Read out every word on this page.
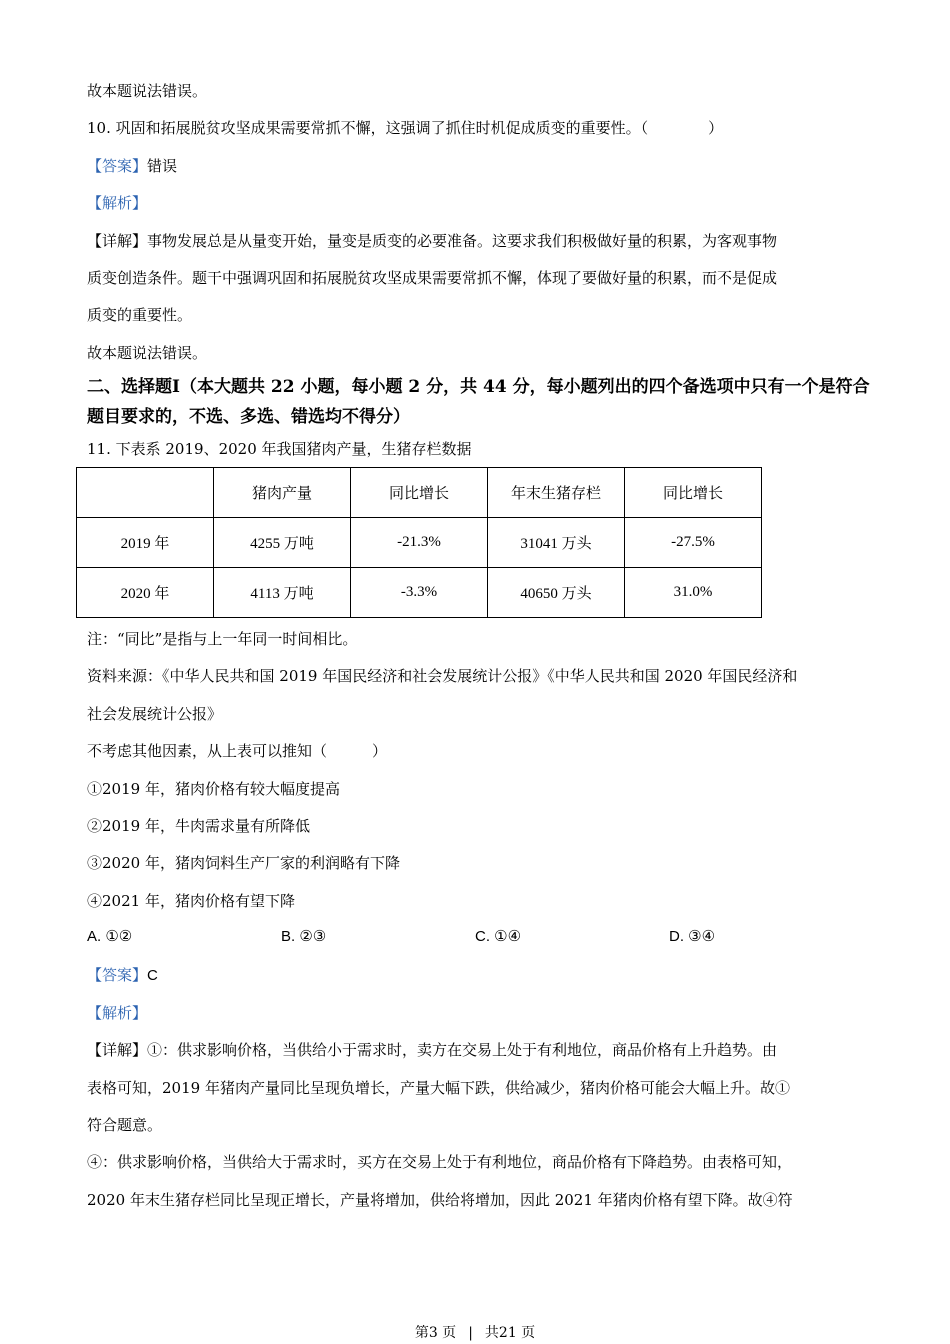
故本题说法错误。
10. 巩固和拓展脱贫攻坚成果需要常抓不懈，这强调了抓住时机促成质变的重要性。（　　　　）
【答案】错误
【解析】
【详解】事物发展总是从量变开始，量变是质变的必要准备。这要求我们积极做好量的积累，为客观事物
质变创造条件。题干中强调巩固和拓展脱贫攻坚成果需要常抓不懈，体现了要做好量的积累，而不是促成
质变的重要性。
故本题说法错误。
二、选择题Ⅰ（本大题共 22 小题，每小题 2 分，共 44 分，每小题列出的四个备选项中只有一个是符合题目要求的，不选、多选、错选均不得分）
11. 下表系 2019、2020 年我国猪肉产量，生猪存栏数据
	猪肉产量	同比增长	年末生猪存栏	同比增长
2019 年	4255 万吨	-21.3%	31041 万头	-27.5%
2020 年	4113 万吨	-3.3%	40650 万头	31.0%
注：“同比”是指与上一年同一时间相比。
资料来源：《中华人民共和国 2019 年国民经济和社会发展统计公报》《中华人民共和国 2020 年国民经济和
社会发展统计公报》
不考虑其他因素，从上表可以推知（　　　）
①2019 年，猪肉价格有较大幅度提高
②2019 年，牛肉需求量有所降低
③2020 年，猪肉饲料生产厂家的利润略有下降
④2021 年，猪肉价格有望下降
A. ①②	B. ②③	C. ①④	D. ③④
【答案】C
【解析】
【详解】①：供求影响价格，当供给小于需求时，卖方在交易上处于有利地位，商品价格有上升趋势。由
表格可知，2019 年猪肉产量同比呈现负增长，产量大幅下跌，供给减少，猪肉价格可能会大幅上升。故①
符合题意。
④：供求影响价格，当供给大于需求时，买方在交易上处于有利地位，商品价格有下降趋势。由表格可知，
2020 年末生猪存栏同比呈现正增长，产量将增加，供给将增加，因此 2021 年猪肉价格有望下降。故④符
第3 页 | 共21 页
